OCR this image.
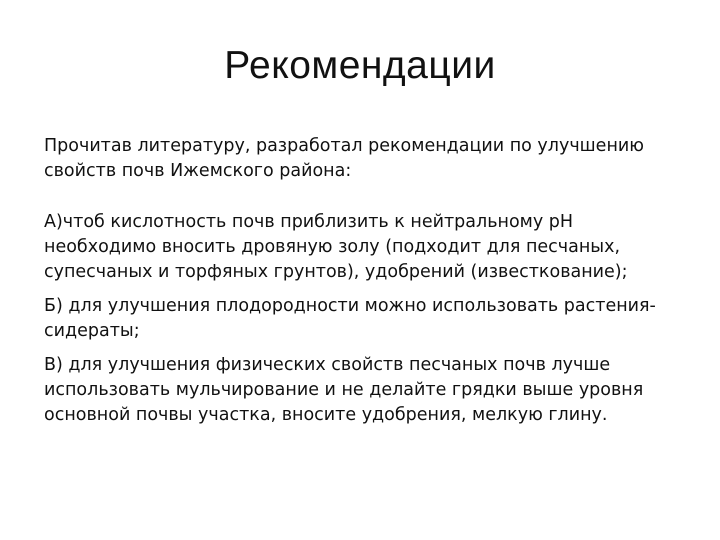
Рекомендации

Прочитав литературу, разработал рекомендации по улучшению свойств почв Ижемского района:

А)чтоб кислотность почв приблизить к нейтральному pH необходимо вносить дровяную золу (подходит для песчаных, супесчаных и торфяных грунтов), удобрений (известкование);

Б) для улучшения плодородности можно использовать растения-сидераты;

В) для улучшения физических свойств песчаных почв лучше использовать мульчирование и не делайте грядки выше уровня основной почвы участка, вносите удобрения, мелкую глину.
